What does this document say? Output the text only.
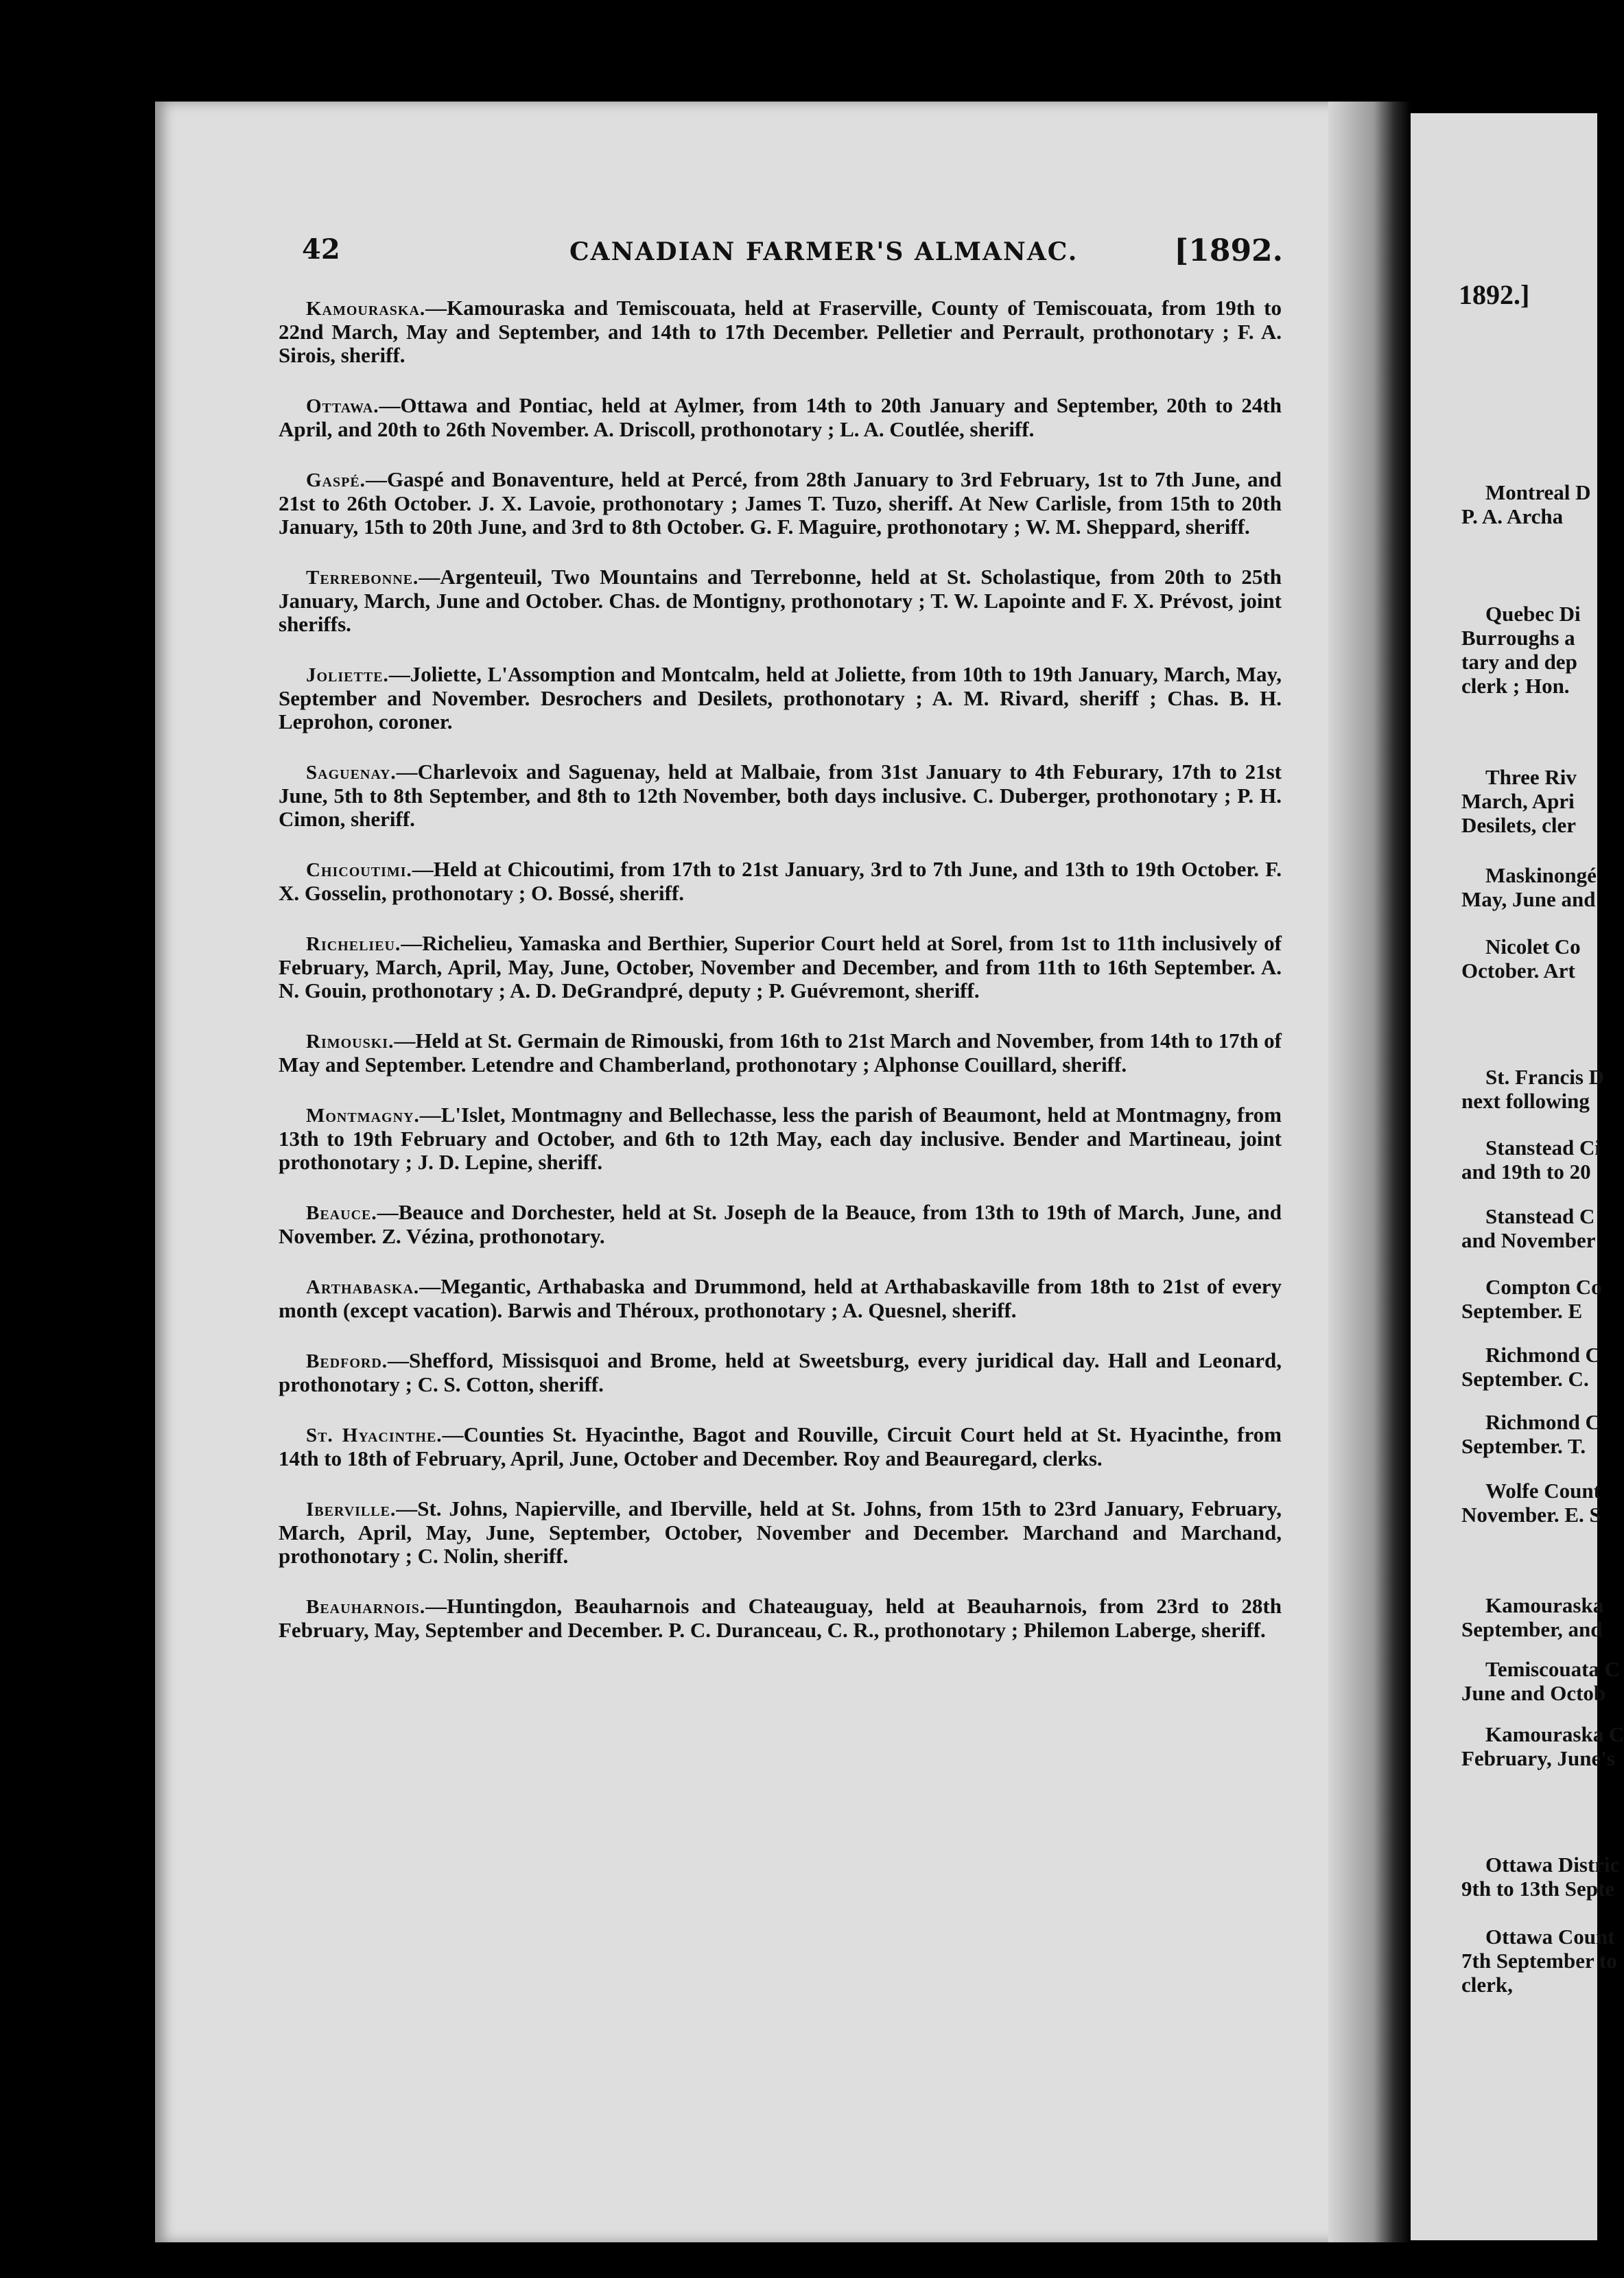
42	CANADIAN FARMER'S ALMANAC.	[1892.

Kamouraska.—Kamouraska and Temiscouata, held at Fraserville, County of Temiscouata, from 19th to 22nd March, May and September, and 14th to 17th December. Pelletier and Perrault, prothonotary ; F. A. Sirois, sheriff.

Ottawa.—Ottawa and Pontiac, held at Aylmer, from 14th to 20th January and September, 20th to 24th April, and 20th to 26th November. A. Driscoll, prothonotary ; L. A. Coutlée, sheriff.

Gaspé.—Gaspé and Bonaventure, held at Percé, from 28th January to 3rd February, 1st to 7th June, and 21st to 26th October. J. X. Lavoie, prothonotary ; James T. Tuzo, sheriff. At New Carlisle, from 15th to 20th January, 15th to 20th June, and 3rd to 8th October. G. F. Maguire, prothonotary ; W. M. Sheppard, sheriff.

Terrebonne.—Argenteuil, Two Mountains and Terrebonne, held at St. Scholastique, from 20th to 25th January, March, June and October. Chas. de Montigny, prothonotary ; T. W. Lapointe and F. X. Prévost, joint sheriffs.

Joliette.—Joliette, L'Assomption and Montcalm, held at Joliette, from 10th to 19th January, March, May, September and November. Desrochers and Desilets, prothonotary ; A. M. Rivard, sheriff ; Chas. B. H. Leprohon, coroner.

Saguenay.—Charlevoix and Saguenay, held at Malbaie, from 31st January to 4th Feburary, 17th to 21st June, 5th to 8th September, and 8th to 12th November, both days inclusive. C. Duberger, prothonotary ; P. H. Cimon, sheriff.

Chicoutimi.—Held at Chicoutimi, from 17th to 21st January, 3rd to 7th June, and 13th to 19th October. F. X. Gosselin, prothonotary ; O. Bossé, sheriff.

Richelieu.—Richelieu, Yamaska and Berthier, Superior Court held at Sorel, from 1st to 11th inclusively of February, March, April, May, June, October, November and December, and from 11th to 16th September. A. N. Gouin, prothonotary ; A. D. DeGrandpré, deputy ; P. Guévremont, sheriff.

Rimouski.—Held at St. Germain de Rimouski, from 16th to 21st March and November, from 14th to 17th of May and September. Letendre and Chamberland, prothonotary ; Alphonse Couillard, sheriff.

Montmagny.—L'Islet, Montmagny and Bellechasse, less the parish of Beaumont, held at Montmagny, from 13th to 19th February and October, and 6th to 12th May, each day inclusive. Bender and Martineau, joint prothonotary ; J. D. Lepine, sheriff.

Beauce.—Beauce and Dorchester, held at St. Joseph de la Beauce, from 13th to 19th of March, June, and November. Z. Vézina, prothonotary.

Arthabaska.—Megantic, Arthabaska and Drummond, held at Arthabaskaville from 18th to 21st of every month (except vacation). Barwis and Théroux, prothonotary ; A. Quesnel, sheriff.

Bedford.—Shefford, Missisquoi and Brome, held at Sweetsburg, every juridical day. Hall and Leonard, prothonotary ; C. S. Cotton, sheriff.

St. Hyacinthe.—Counties St. Hyacinthe, Bagot and Rouville, Circuit Court held at St. Hyacinthe, from 14th to 18th of February, April, June, October and December. Roy and Beauregard, clerks.

Iberville.—St. Johns, Napierville, and Iberville, held at St. Johns, from 15th to 23rd January, February, March, April, May, June, September, October, November and December. Marchand and Marchand, prothonotary ; C. Nolin, sheriff.

Beauharnois.—Huntingdon, Beauharnois and Chateauguay, held at Beauharnois, from 23rd to 28th February, May, September and December. P. C. Duranceau, C. R., prothonotary ; Philemon Laberge, sheriff.

1892.]
Montreal D
P. A. Archa
Quebec Di
Burroughs a
tary and dep
clerk ; Hon.
Three Riv
March, Apri
Desilets, cler
Maskinongé
May, June and
Nicolet Co
October. Art
St. Francis D
next following
Stanstead Ci
and 19th to 20
Stanstead C
and November
Compton Co
September. E
Richmond C
September. C.
Richmond C
September. T.
Wolfe Count
November. E. S
Kamouraska
September, and
Temiscouata C
June and Octob
Kamouraska C
February, June's
Ottawa Distric
9th to 13th Septe
Ottawa Count
7th September to
clerk,
